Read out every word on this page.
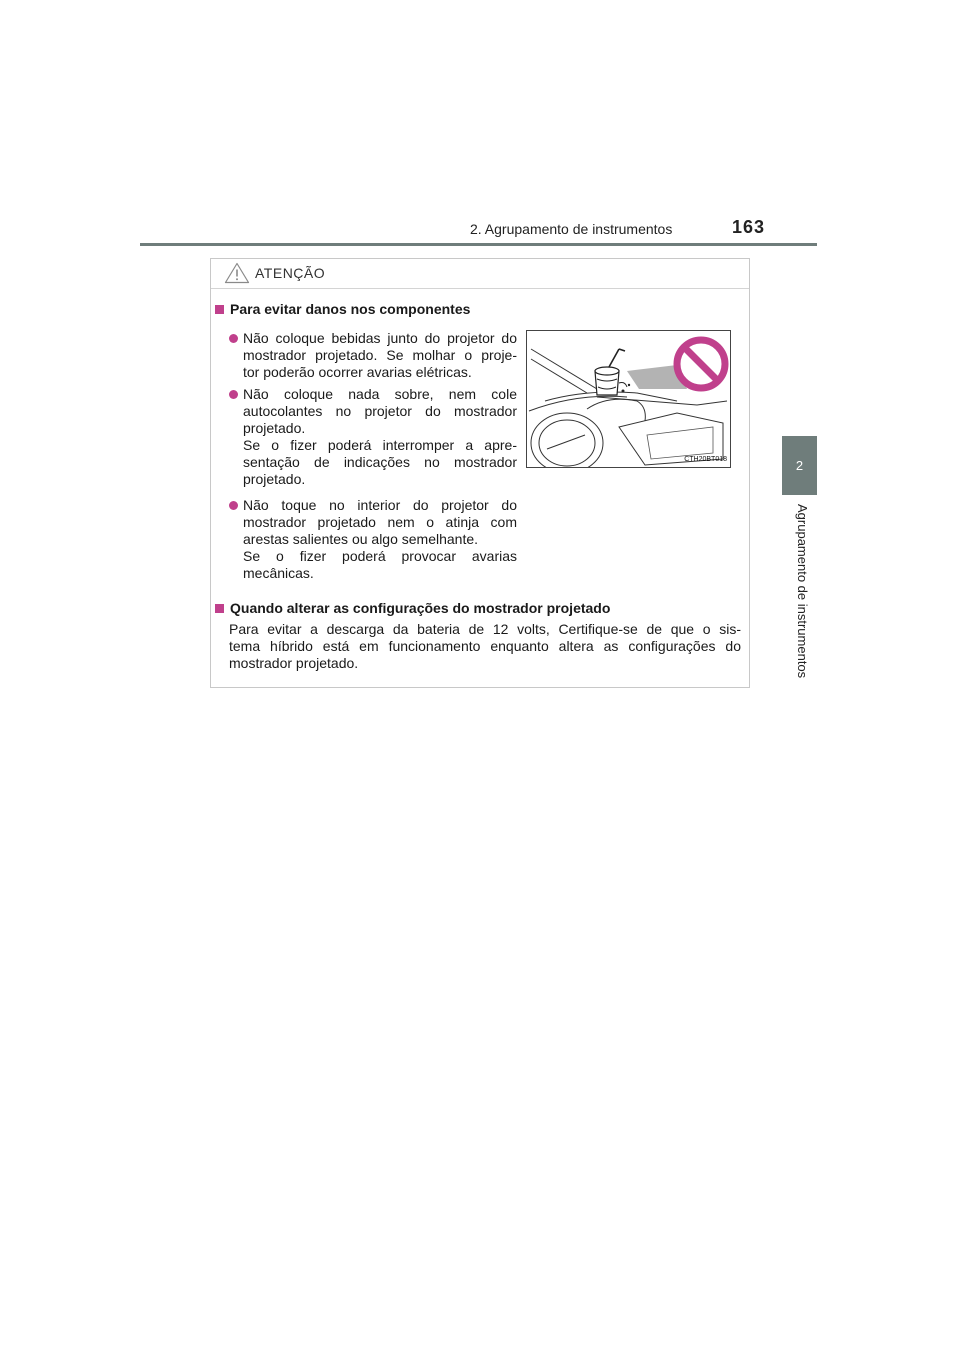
2. Agrupamento de instrumentos	163
2
Agrupamento de instrumentos
ATENÇÃO
Para evitar danos nos componentes
Não coloque bebidas junto do projetor do
mostrador projetado. Se molhar o proje-
tor poderão ocorrer avarias elétricas.
Não coloque nada sobre, nem cole
autocolantes no projetor do mostrador
projetado.
Se o fizer poderá interromper a apre-
sentação de indicações no mostrador
projetado.
Não toque no interior do projetor do
mostrador projetado nem o atinja com
arestas salientes ou algo semelhante.
Se o fizer poderá provocar avarias
mecânicas.
CTH20BT018
Quando alterar as configurações do mostrador projetado
Para evitar a descarga da bateria de 12 volts, Certifique-se de que o sis-
tema híbrido está em funcionamento enquanto altera as configurações do
mostrador projetado.
